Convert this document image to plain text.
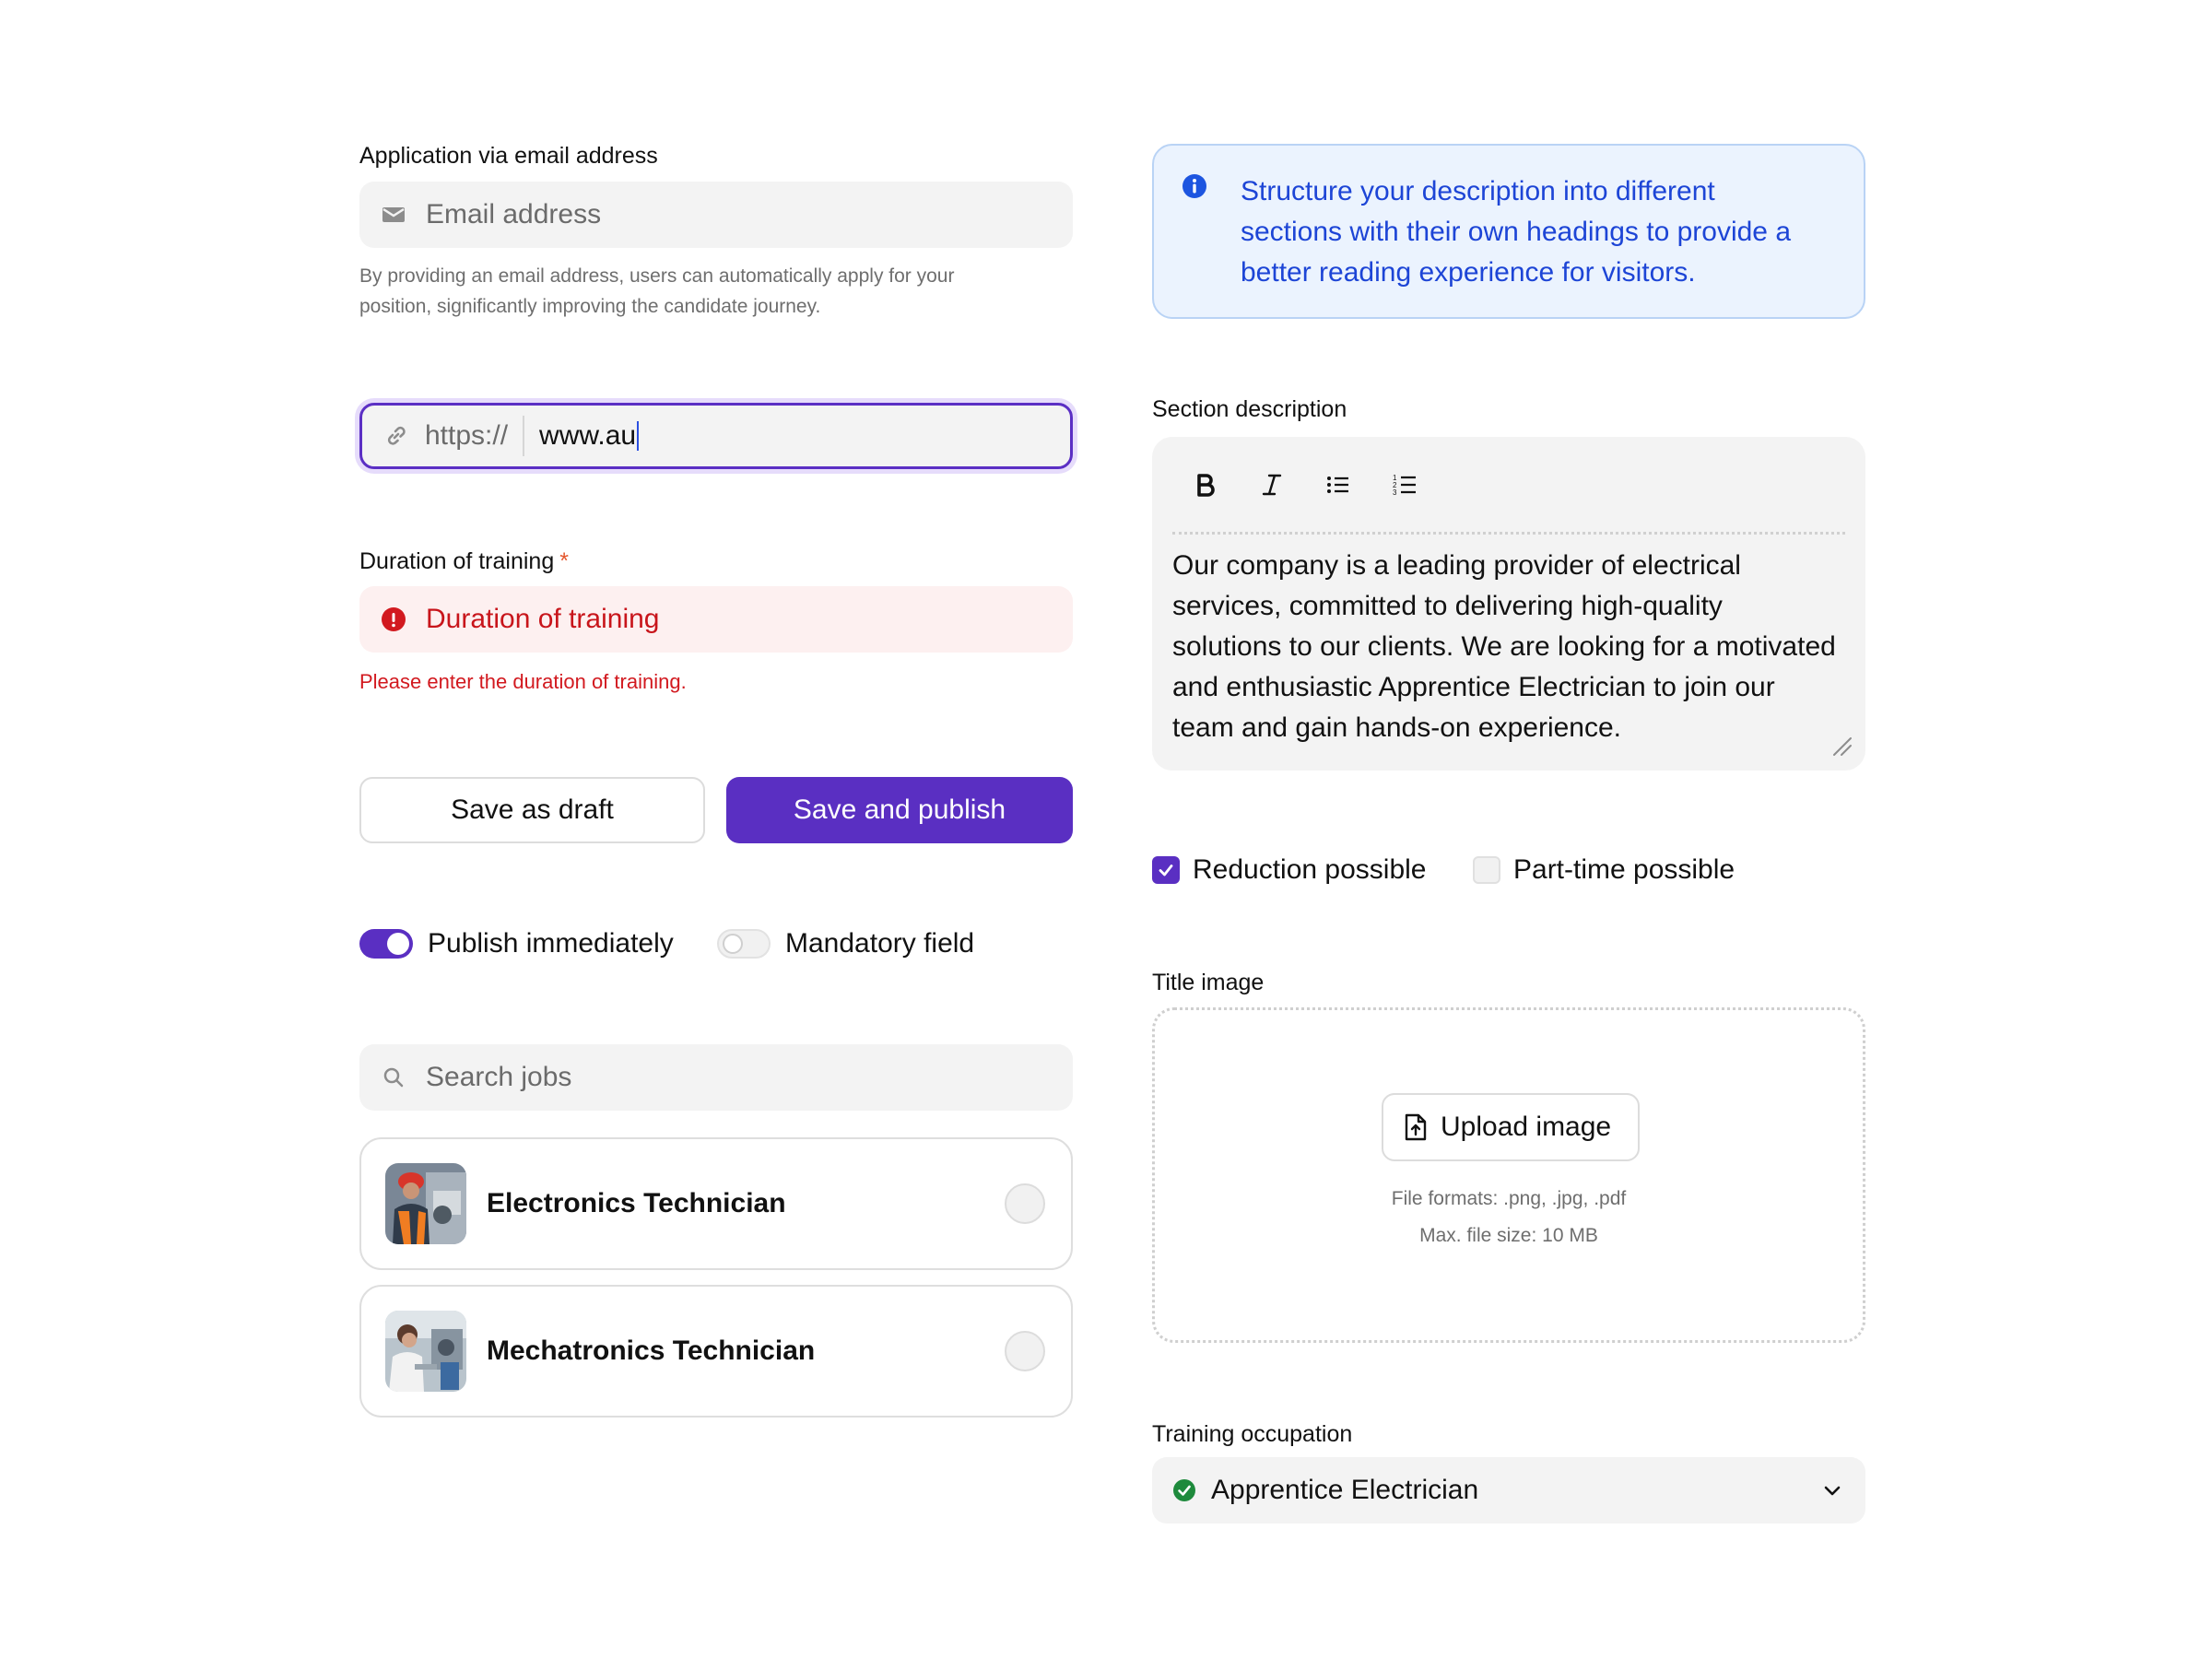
Application via email address
Email address
By providing an email address, users can automatically apply for your
position, significantly improving the candidate journey.
https://	www.au
Duration of training *
Duration of training
Please enter the duration of training.
Save as draft	Save and publish
Publish immediately	Mandatory field
Search jobs
Electronics Technician
Mechatronics Technician
Structure your description into different sections with their own headings to provide a better reading experience for visitors.
Section description
1
2
3
Our company is a leading provider of electrical services, committed to delivering high-quality solutions to our clients. We are looking for a motivated and enthusiastic Apprentice Electrician to join our team and gain hands-on experience.
Reduction possible	Part-time possible
Title image
Upload image
File formats: .png, .jpg, .pdf
Max. file size: 10 MB
Training occupation
Apprentice Electrician
